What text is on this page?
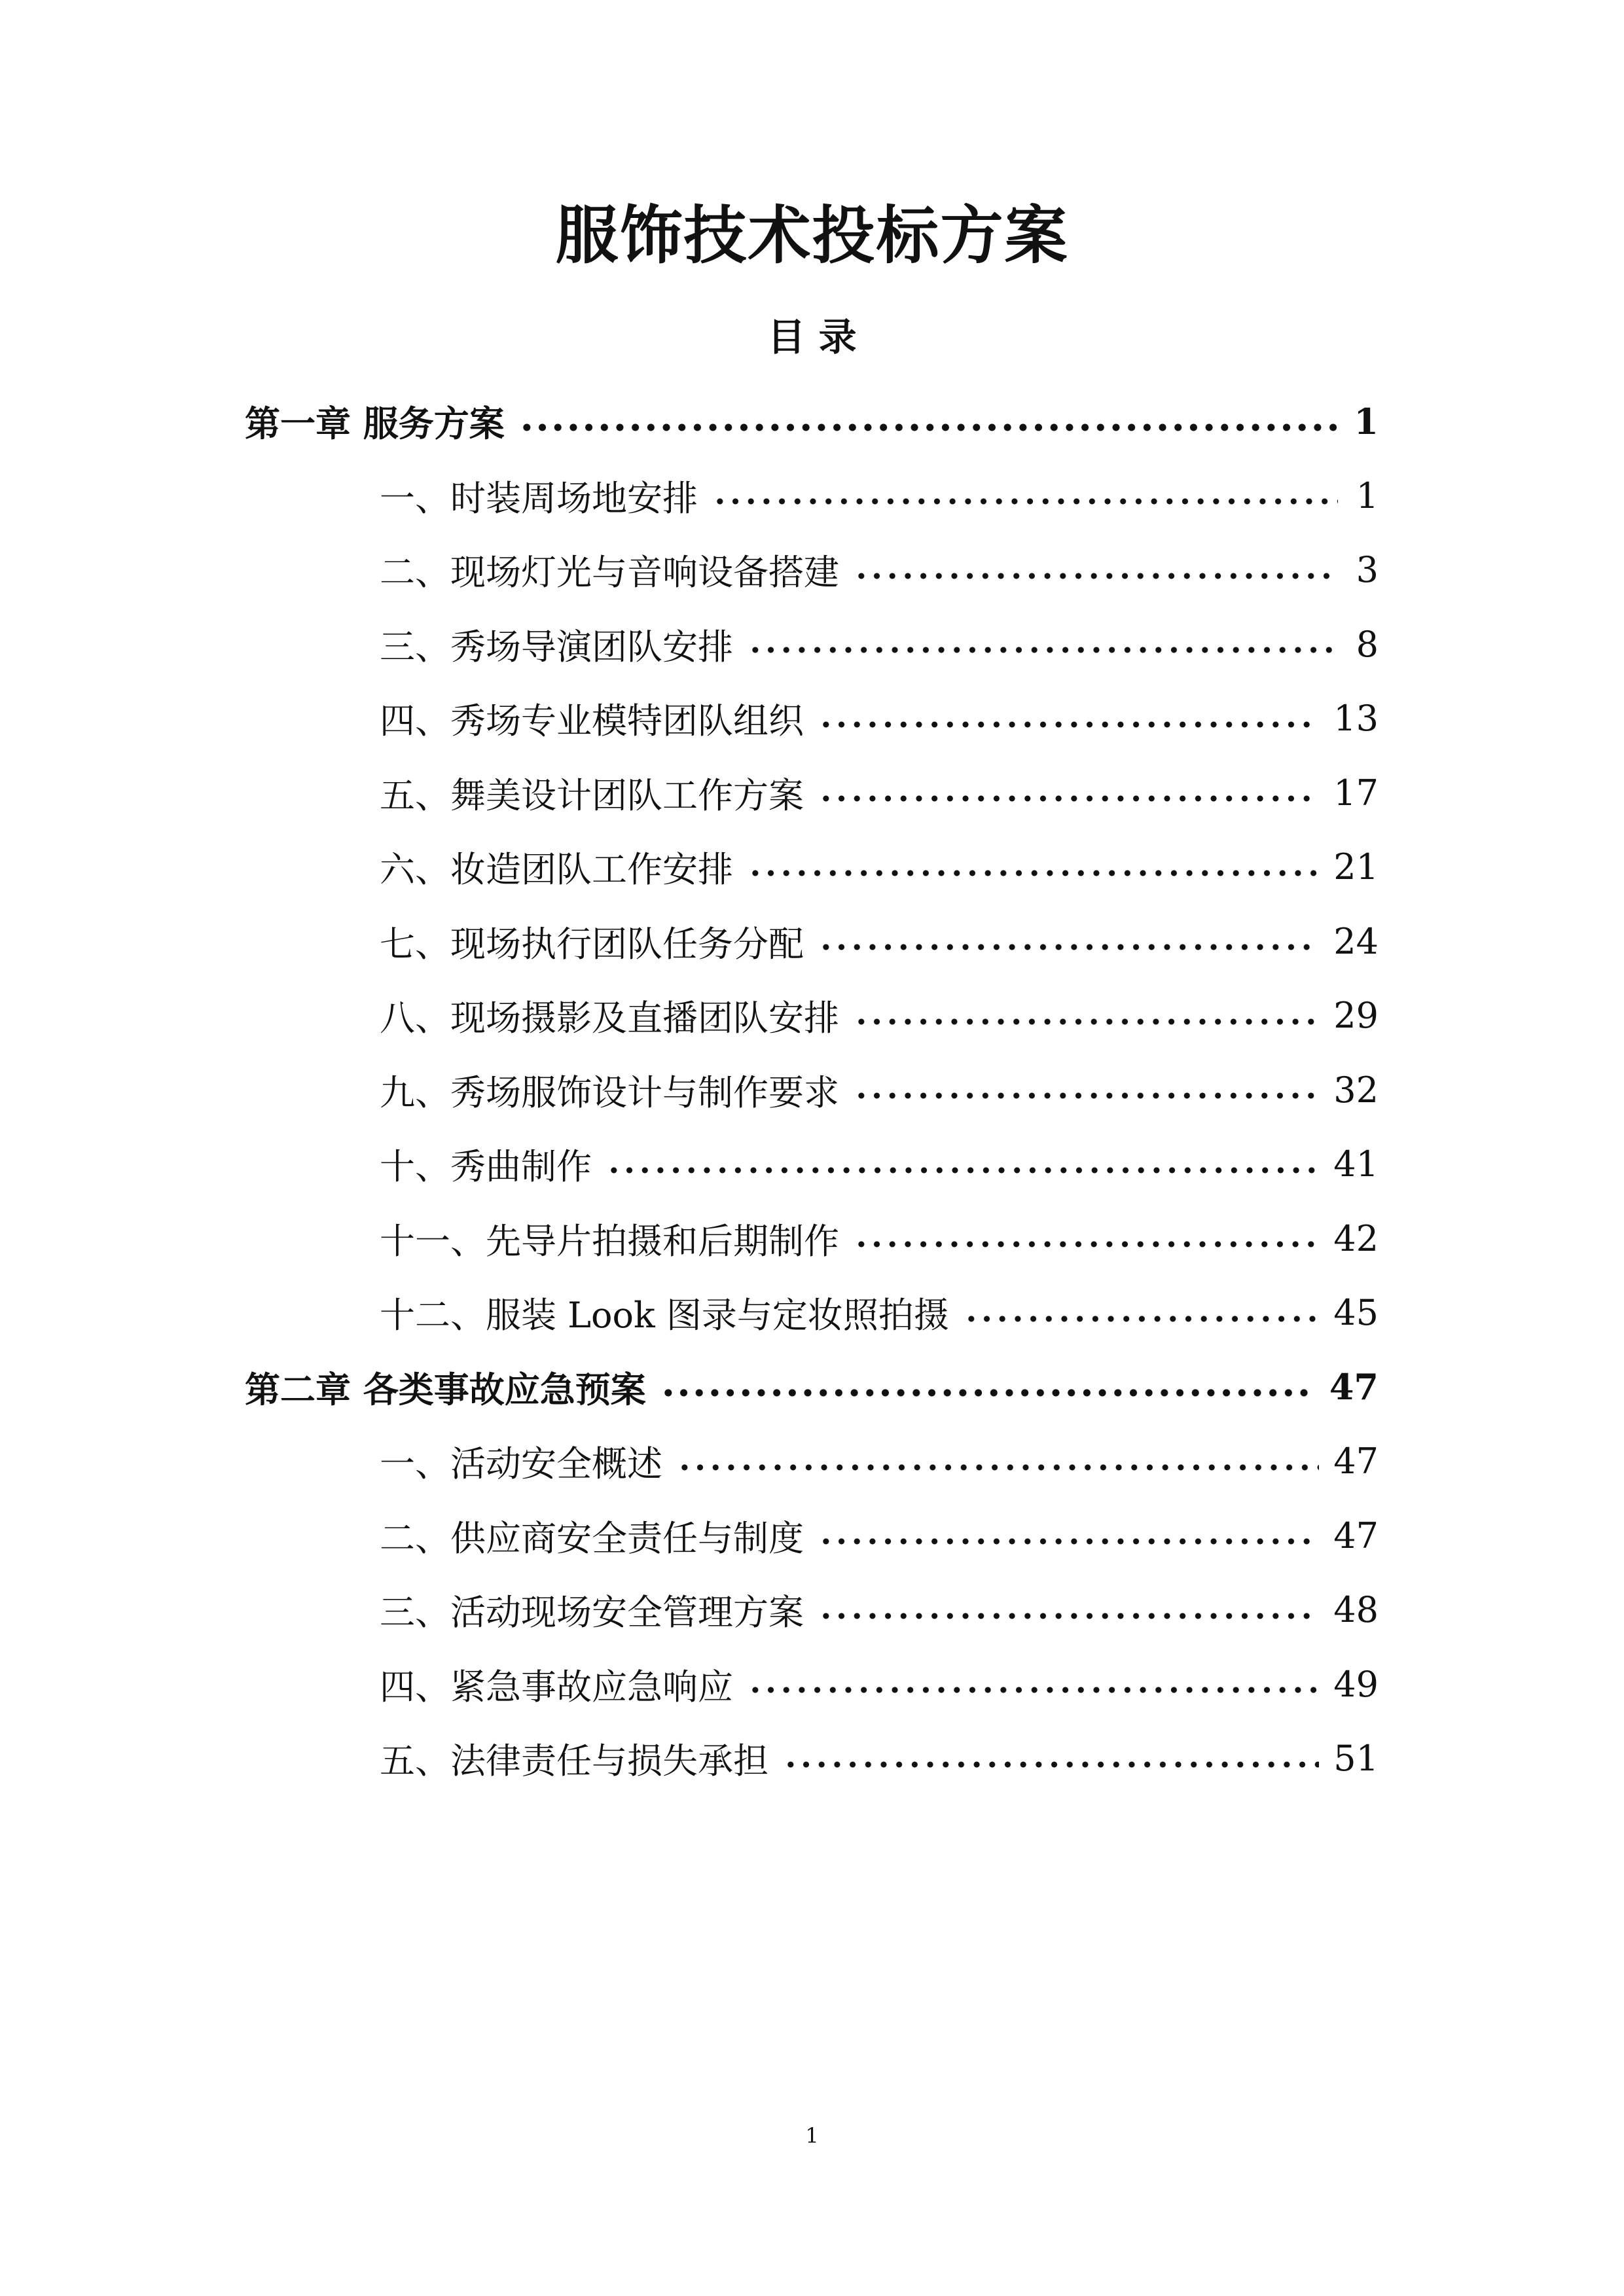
服饰技术投标方案
目 录
第一章 服务方案	1
一、时装周场地安排	1
二、现场灯光与音响设备搭建	3
三、秀场导演团队安排	8
四、秀场专业模特团队组织	13
五、舞美设计团队工作方案	17
六、妆造团队工作安排	21
七、现场执行团队任务分配	24
八、现场摄影及直播团队安排	29
九、秀场服饰设计与制作要求	32
十、秀曲制作	41
十一、先导片拍摄和后期制作	42
十二、服装 Look 图录与定妆照拍摄	45
第二章 各类事故应急预案	47
一、活动安全概述	47
二、供应商安全责任与制度	47
三、活动现场安全管理方案	48
四、紧急事故应急响应	49
五、法律责任与损失承担	51
1
